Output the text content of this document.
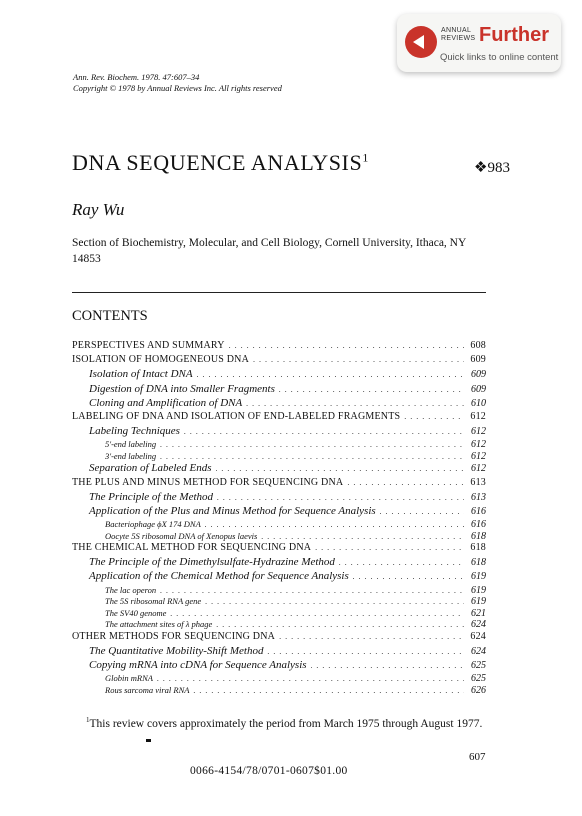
ANNUAL
REVIEWS Further
Quick links to online content
Ann. Rev. Biochem. 1978. 47:607–34
Copyright © 1978 by Annual Reviews Inc. All rights reserved
DNA SEQUENCE ANALYSIS$^1$
❖983
Ray Wu
Section of Biochemistry, Molecular, and Cell Biology, Cornell University, Ithaca, NY 14853
CONTENTS
PERSPECTIVES AND SUMMARY . . .	608
ISOLATION OF HOMOGENEOUS DNA . . .	609
Isolation of Intact DNA . . .	609
Digestion of DNA into Smaller Fragments . . .	609
Cloning and Amplification of DNA . . .	610
LABELING OF DNA AND ISOLATION OF END-LABELED FRAGMENTS . . .	612
Labeling Techniques . . .	612
5'-end labeling . . .	612
3'-end labeling . . .	612
Separation of Labeled Ends . . .	612
THE PLUS AND MINUS METHOD FOR SEQUENCING DNA . . .	613
The Principle of the Method . . .	613
Application of the Plus and Minus Method for Sequence Analysis . . .	616
Bacteriophage ϕX 174 DNA . . .	616
Oocyte 5S ribosomal DNA of Xenopus laevis . . .	618
THE CHEMICAL METHOD FOR SEQUENCING DNA . . .	618
The Principle of the Dimethylsulfate-Hydrazine Method . . .	618
Application of the Chemical Method for Sequence Analysis . . .	619
The lac operon . . .	619
The 5S ribosomal RNA gene . . .	619
The SV40 genome . . .	621
The attachment sites of λ phage . . .	624
OTHER METHODS FOR SEQUENCING DNA . . .	624
The Quantitative Mobility-Shift Method . . .	624
Copying mRNA into cDNA for Sequence Analysis . . .	625
Globin mRNA . . .	625
Rous sarcoma viral RNA . . .	626
$^1$This review covers approximately the period from March 1975 through August 1977.
607
0066-4154/78/0701-0607$01.00
